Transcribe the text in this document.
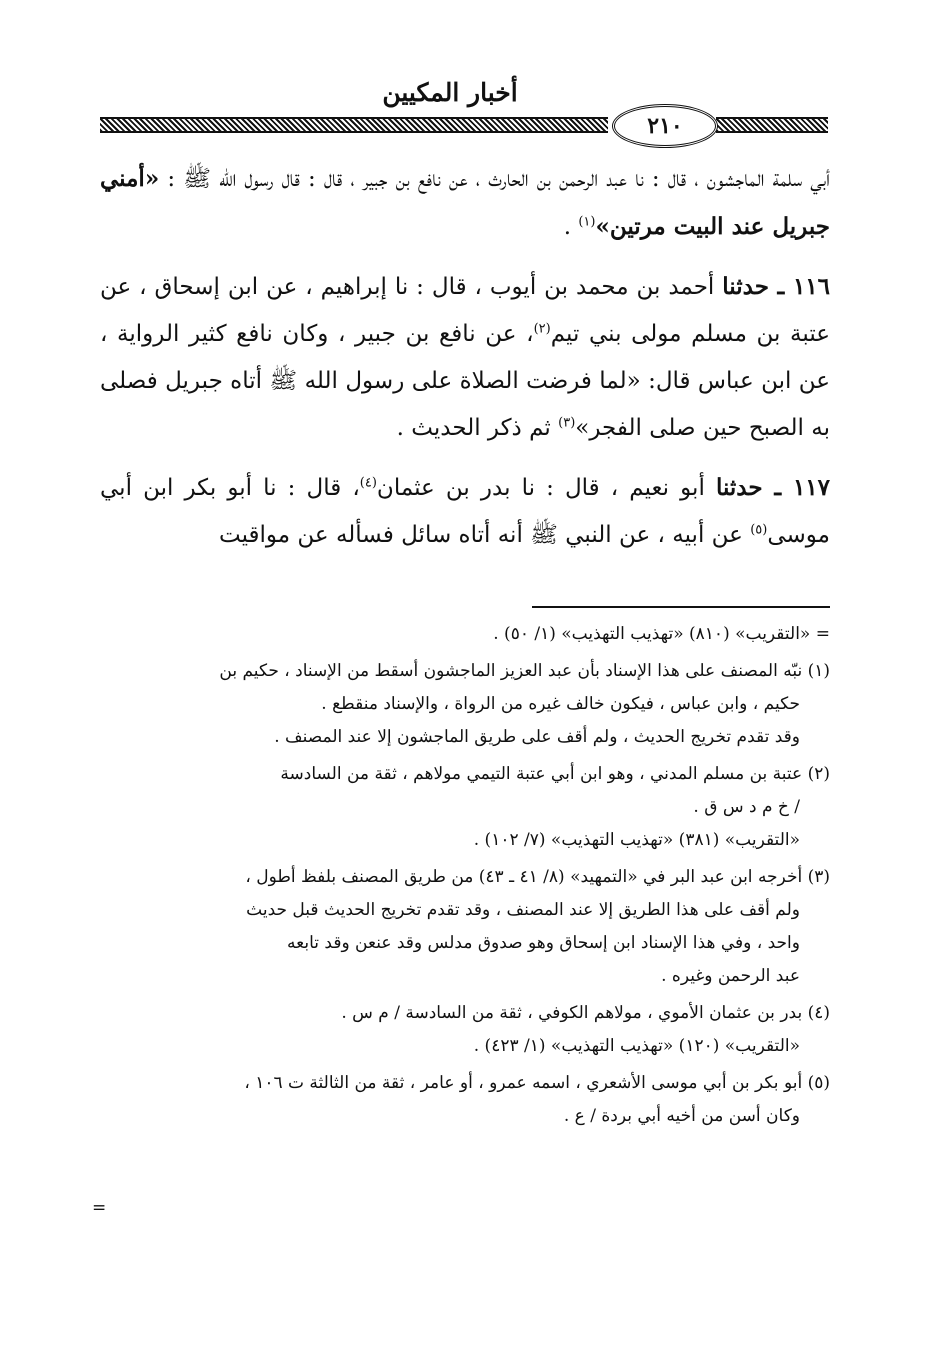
أخبار المكيين
٢١٠

أبي سلمة الماجشون ، قال : نا عبد الرحمن بن الحارث ، عن نافع بن جبير ، قال : قال رسول الله ﷺ : «أمني جبريل عند البيت مرتين»$^{(١)}$ .

١١٦ ـ حدثنا أحمد بن محمد بن أيوب ، قال : نا إبراهيم ، عن ابن إسحاق ، عن عتبة بن مسلم مولى بني تيم$^{(٢)}$، عن نافع بن جبير ، وكان نافع كثير الرواية ، عن ابن عباس قال: «لما فرضت الصلاة على رسول الله ﷺ أتاه جبريل فصلى به الصبح حين صلى الفجر»$^{(٣)}$ ثم ذكر الحديث .

١١٧ ـ حدثنا أبو نعيم ، قال : نا بدر بن عثمان$^{(٤)}$، قال : نا أبو بكر ابن أبي موسى$^{(٥)}$ عن أبيه ، عن النبي ﷺ أنه أتاه سائل فسأله عن مواقيت

= «التقريب» (٨١٠) «تهذيب التهذيب» (١/ ٥٠) .

(١) نبّه المصنف على هذا الإسناد بأن عبد العزيز الماجشون أسقط من الإسناد ، حكيم بن

حكيم ، وابن عباس ، فيكون خالف غيره من الرواة ، والإسناد منقطع .

وقد تقدم تخريج الحديث ، ولم أقف على طريق الماجشون إلا عند المصنف .

(٢) عتبة بن مسلم المدني ، وهو ابن أبي عتبة التيمي مولاهم ، ثقة من السادسة

/ خ م د س ق .

«التقريب» (٣٨١) «تهذيب التهذيب» (٧/ ١٠٢) .

(٣) أخرجه ابن عبد البر في «التمهيد» (٨/ ٤١ ـ ٤٣) من طريق المصنف بلفظ أطول ،

ولم أقف على هذا الطريق إلا عند المصنف ، وقد تقدم تخريج الحديث قبل حديث

واحد ، وفي هذا الإسناد ابن إسحاق وهو صدوق مدلس وقد عنعن وقد تابعه

عبد الرحمن وغيره .

(٤) بدر بن عثمان الأموي ، مولاهم الكوفي ، ثقة من السادسة / م س .

«التقريب» (١٢٠) «تهذيب التهذيب» (١/ ٤٢٣) .

(٥) أبو بكر بن أبي موسى الأشعري ، اسمه عمرو ، أو عامر ، ثقة من الثالثة ت ١٠٦ ،

وكان أسن من أخيه أبي بردة / ع .

=
